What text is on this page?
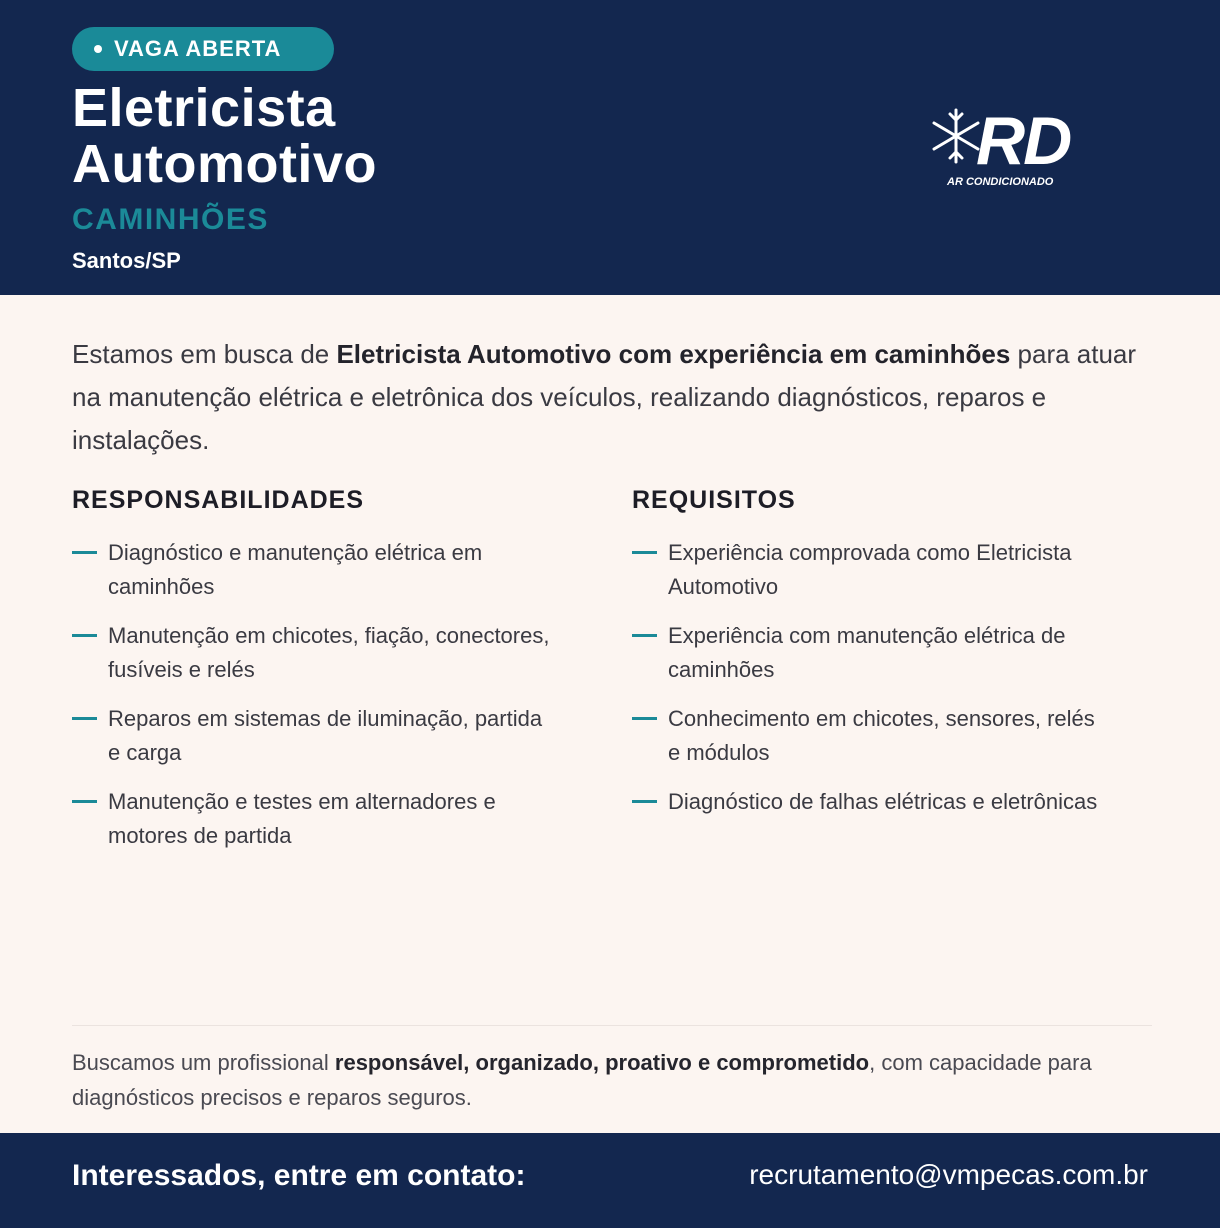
VAGA ABERTA
Eletricista
Automotivo
CAMINHÕES
Santos/SP
RD
AR CONDICIONADO

Estamos em busca de Eletricista Automotivo com experiência em caminhões para atuar na manutenção elétrica e eletrônica dos veículos, realizando diagnósticos, reparos e instalações.

RESPONSABILIDADES
Diagnóstico e manutenção elétrica em caminhões
Manutenção em chicotes, fiação, conectores, fusíveis e relés
Reparos em sistemas de iluminação, partida e carga
Manutenção e testes em alternadores e motores de partida
REQUISITOS
Experiência comprovada como Eletricista Automotivo
Experiência com manutenção elétrica de caminhões
Conhecimento em chicotes, sensores, relés e módulos
Diagnóstico de falhas elétricas e eletrônicas

Buscamos um profissional responsável, organizado, proativo e comprometido, com capacidade para diagnósticos precisos e reparos seguros.

Interessados, entre em contato:	recrutamento@vmpecas.com.br
